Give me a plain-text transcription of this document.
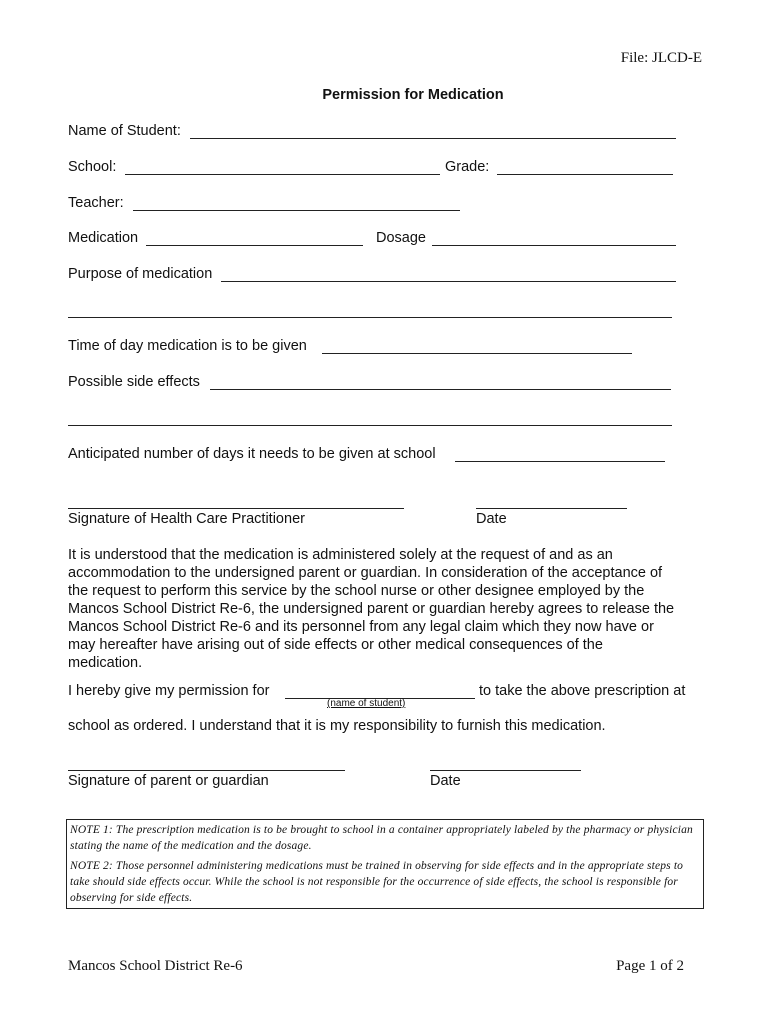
File: JLCD-E
Permission for Medication
Name of Student:
School:	Grade:
Teacher:
Medication	Dosage
Purpose of medication
Time of day medication is to be given
Possible side effects
Anticipated number of days it needs to be given at school
Signature of Health Care Practitioner	Date
It is understood that the medication is administered solely at the request of and as an
accommodation to the undersigned parent or guardian. In consideration of the acceptance of
the request to perform this service by the school nurse or other designee employed by the
Mancos School District Re-6, the undersigned parent or guardian hereby agrees to release the
Mancos School District Re-6 and its personnel from any legal claim which they now have or
may hereafter have arising out of side effects or other medical consequences of the
medication.
I hereby give my permission for	to take the above prescription at
(name of student)
school as ordered. I understand that it is my responsibility to furnish this medication.
Signature of parent or guardian	Date

NOTE 1: The prescription medication is to be brought to school in a container appropriately labeled by the pharmacy or physician stating the name of the medication and the dosage.

NOTE 2: Those personnel administering medications must be trained in observing for side effects and in the appropriate steps to take should side effects occur. While the school is not responsible for the occurrence of side effects, the school is responsible for observing for side effects.

Mancos School District Re-6	Page 1 of 2
